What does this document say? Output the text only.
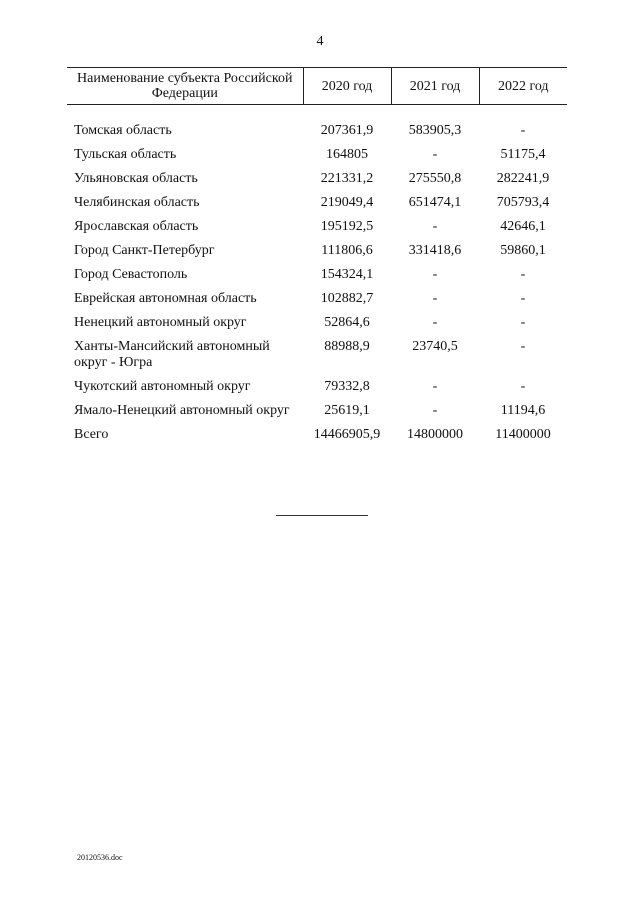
4
Наименование субъекта Российской Федерации	2020 год	2021 год	2022 год

Томская область	207361,9	583905,3	-
Тульская область	164805	-	51175,4
Ульяновская область	221331,2	275550,8	282241,9
Челябинская область	219049,4	651474,1	705793,4
Ярославская область	195192,5	-	42646,1
Город Санкт-Петербург	111806,6	331418,6	59860,1
Город Севастополь	154324,1	-	-
Еврейская автономная область	102882,7	-	-
Ненецкий автономный округ	52864,6	-	-
Ханты-Мансийский автономный округ - Югра	88988,9	23740,5	-
Чукотский автономный округ	79332,8	-	-
Ямало-Ненецкий автономный округ	25619,1	-	11194,6
Всего	14466905,9	14800000	11400000
20120536.doc
